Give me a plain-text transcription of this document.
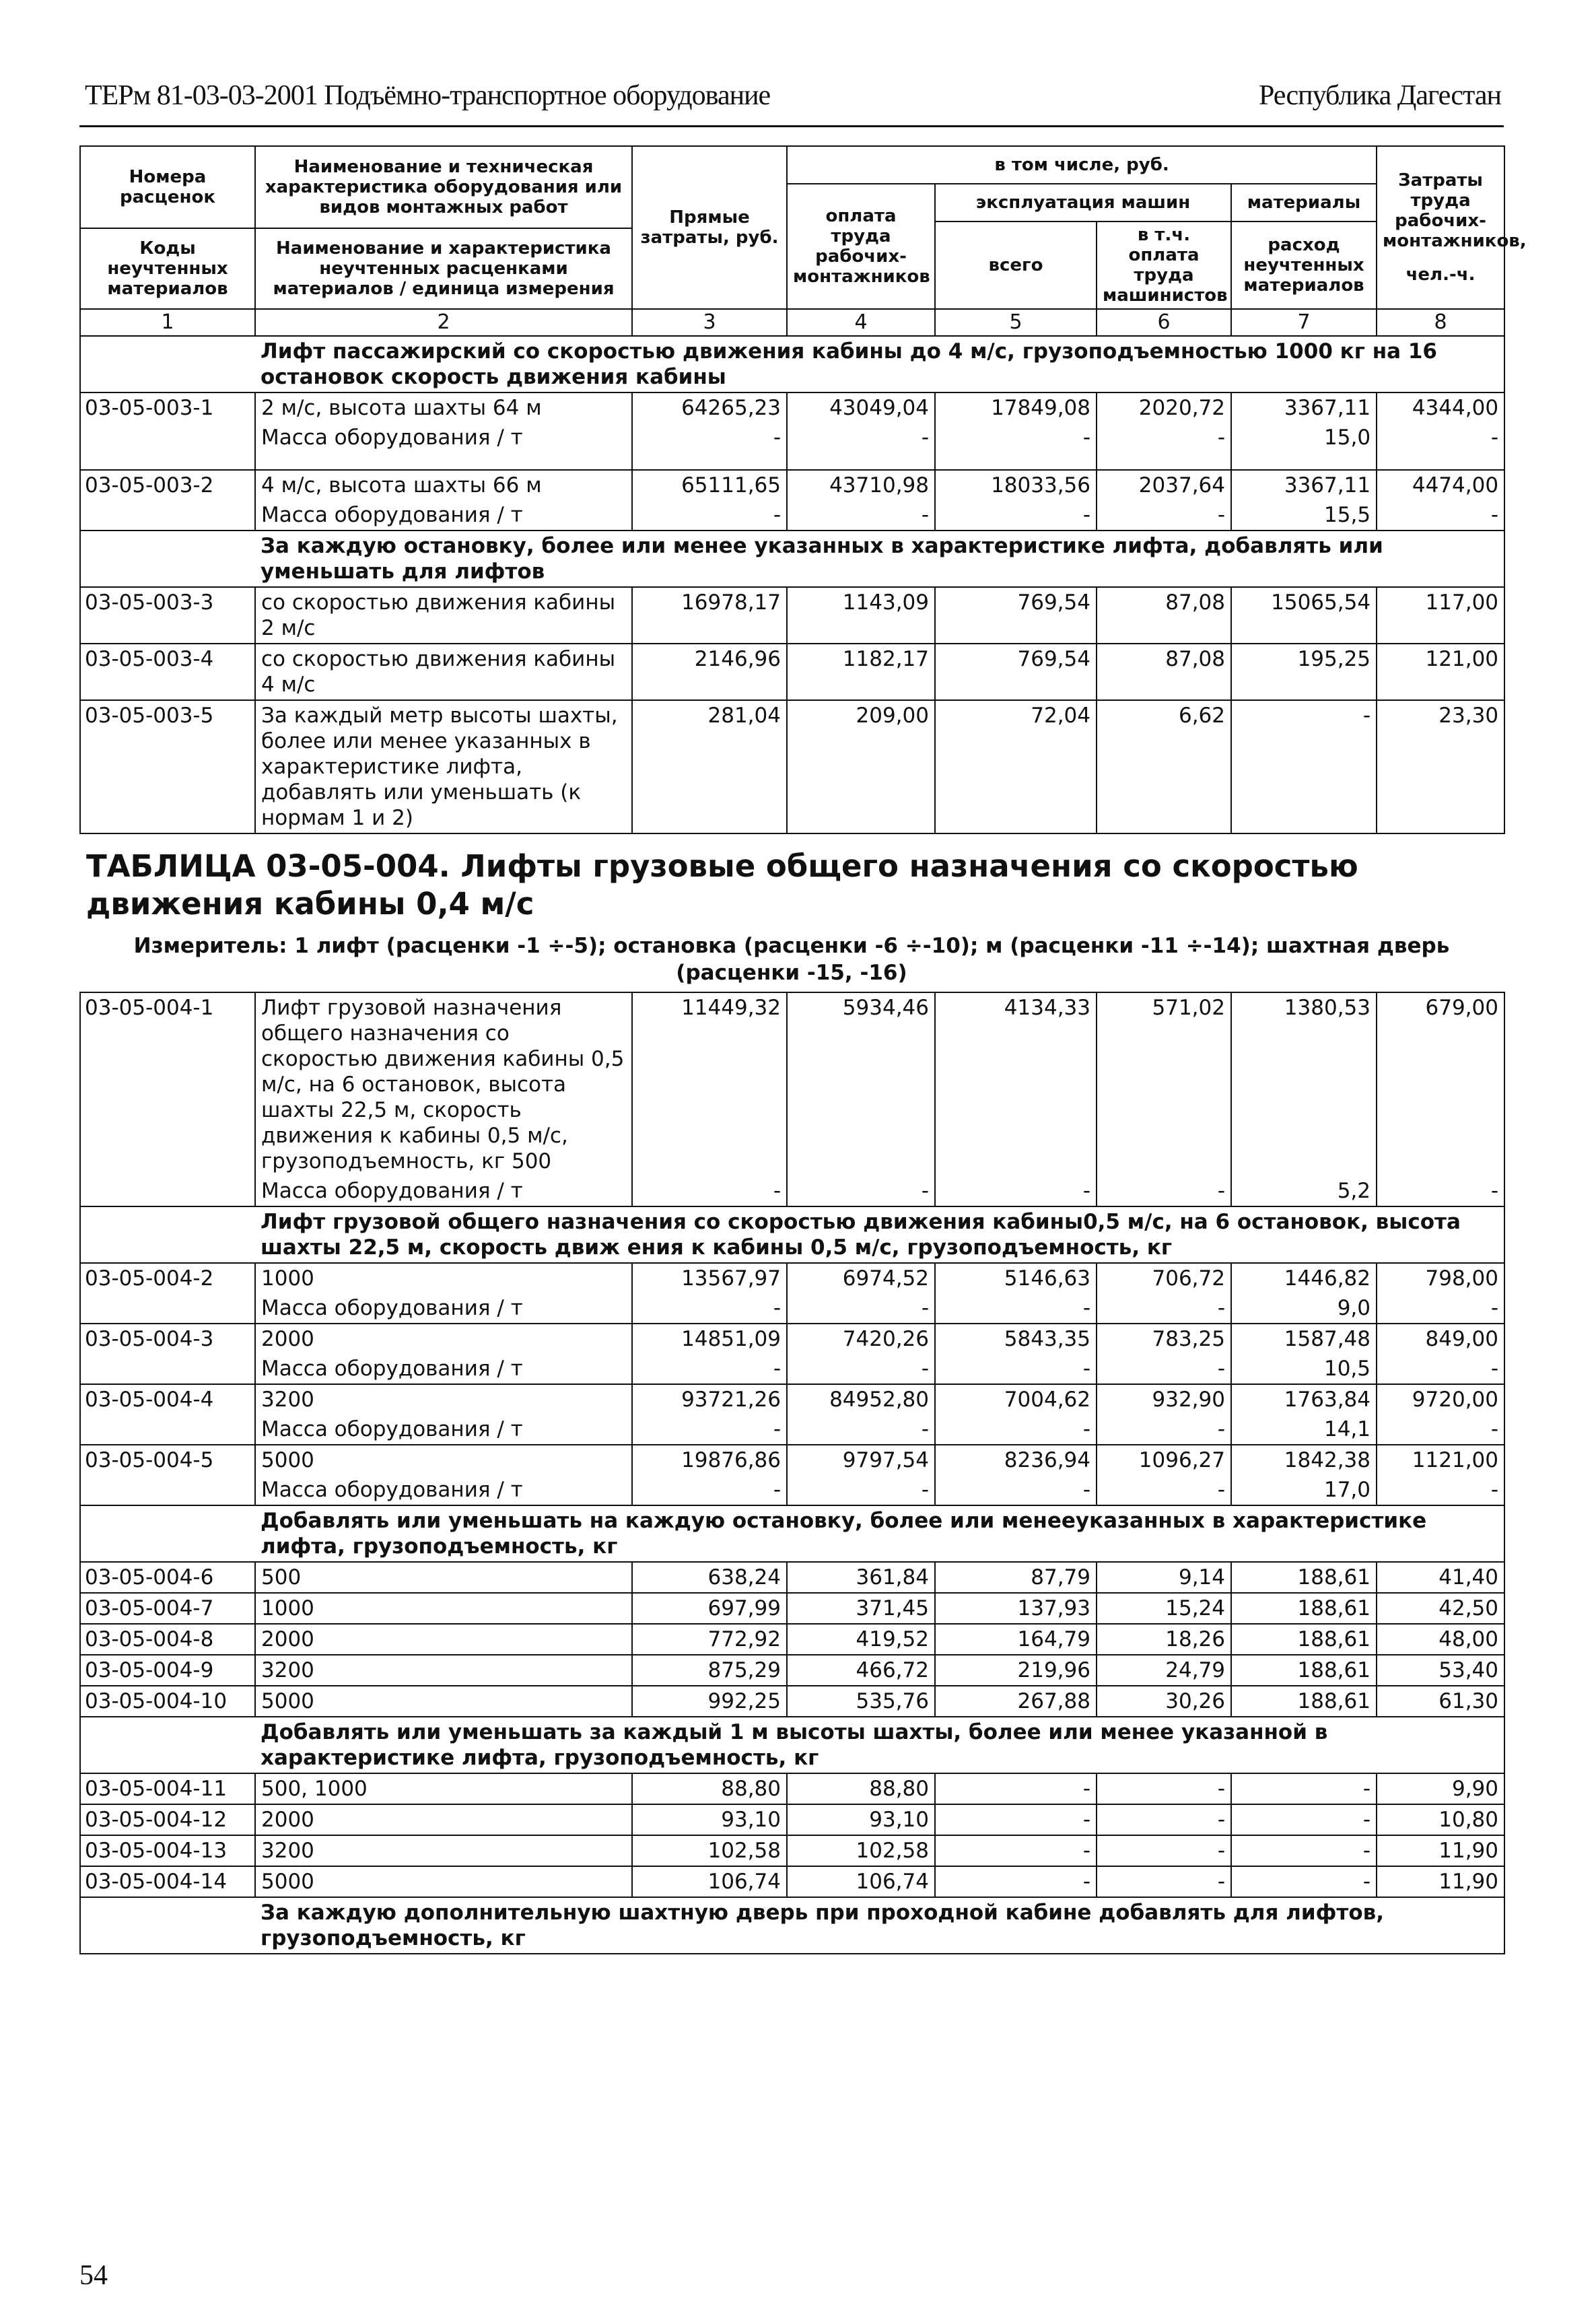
ТЕРм 81-03-03-2001 Подъёмно-транспортное оборудование	Республика Дагестан
Номера расценок	Наименование и техническая характеристика оборудования или видов монтажных работ	Прямые затраты, руб.	в том числе, руб.				Затраты труда рабочих-монтажников,
чел.-ч.

			оплата труда рабочих-монтажников	эксплуатация машин		материалы	
				всего	в т.ч. оплата труда машинистов	расход неучтенных материалов	
Коды неучтенных материалов	Наименование и характеристика неучтенных расценками материалов / единица измерения						
1	2	3	4	5	6	7	8
	Лифт пассажирский со скоростью движения кабины до 4 м/с, грузоподъемностью 1000 кг на 16 остановок скорость движения кабины						
03-05-003-1	2 м/с, высота шахты 64 м	64265,23	43049,04	17849,08	2020,72	3367,11	4344,00
	Масса оборудования / т	-	-	-	-	15,0	-
03-05-003-2	4 м/с, высота шахты 66 м	65111,65	43710,98	18033,56	2037,64	3367,11	4474,00
	Масса оборудования / т	-	-	-	-	15,5	-
	За каждую остановку, более или менее указанных в характеристике лифта, добавлять или уменьшать для лифтов						
03-05-003-3	со скоростью движения кабины 2 м/с	16978,17	1143,09	769,54	87,08	15065,54	117,00
03-05-003-4	со скоростью движения кабины 4 м/с	2146,96	1182,17	769,54	87,08	195,25	121,00
03-05-003-5	За каждый метр высоты шахты, более или менее указанных в характеристике лифта, добавлять или уменьшать (к нормам 1 и 2)	281,04	209,00	72,04	6,62	-	23,30
ТАБЛИЦА 03-05-004. Лифты грузовые общего назначения со скоростью движения кабины 0,4 м/с
Измеритель: 1 лифт (расценки -1 ÷-5); остановка (расценки -6 ÷-10); м (расценки -11 ÷-14); шахтная дверь (расценки -15, -16)
03-05-004-1	Лифт грузовой назначения общего назначения со скоростью движения кабины 0,5 м/с, на 6 остановок, высота шахты 22,5 м, скорость движения к кабины 0,5 м/с, грузоподъемность, кг 500	11449,32	5934,46	4134,33	571,02	1380,53	679,00
	Масса оборудования / т	-	-	-	-	5,2	-
	Лифт грузовой общего назначения со скоростью движения кабины0,5 м/с, на 6 остановок, высота шахты 22,5 м, скорость движ ения к кабины 0,5 м/с, грузоподъемность, кг						
03-05-004-2	1000	13567,97	6974,52	5146,63	706,72	1446,82	798,00
	Масса оборудования / т	-	-	-	-	9,0	-
03-05-004-3	2000	14851,09	7420,26	5843,35	783,25	1587,48	849,00
	Масса оборудования / т	-	-	-	-	10,5	-
03-05-004-4	3200	93721,26	84952,80	7004,62	932,90	1763,84	9720,00
	Масса оборудования / т	-	-	-	-	14,1	-
03-05-004-5	5000	19876,86	9797,54	8236,94	1096,27	1842,38	1121,00
	Масса оборудования / т	-	-	-	-	17,0	-
	Добавлять или уменьшать на каждую остановку, более или менееуказанных в характеристике лифта, грузоподъемность, кг						
03-05-004-6	500	638,24	361,84	87,79	9,14	188,61	41,40
03-05-004-7	1000	697,99	371,45	137,93	15,24	188,61	42,50
03-05-004-8	2000	772,92	419,52	164,79	18,26	188,61	48,00
03-05-004-9	3200	875,29	466,72	219,96	24,79	188,61	53,40
03-05-004-10	5000	992,25	535,76	267,88	30,26	188,61	61,30
	Добавлять или уменьшать за каждый 1 м высоты шахты, более или менее указанной в характеристике лифта, грузоподъемность, кг						
03-05-004-11	500, 1000	88,80	88,80	-	-	-	9,90
03-05-004-12	2000	93,10	93,10	-	-	-	10,80
03-05-004-13	3200	102,58	102,58	-	-	-	11,90
03-05-004-14	5000	106,74	106,74	-	-	-	11,90
	За каждую дополнительную шахтную дверь при проходной кабине добавлять для лифтов, грузоподъемность, кг						
54
